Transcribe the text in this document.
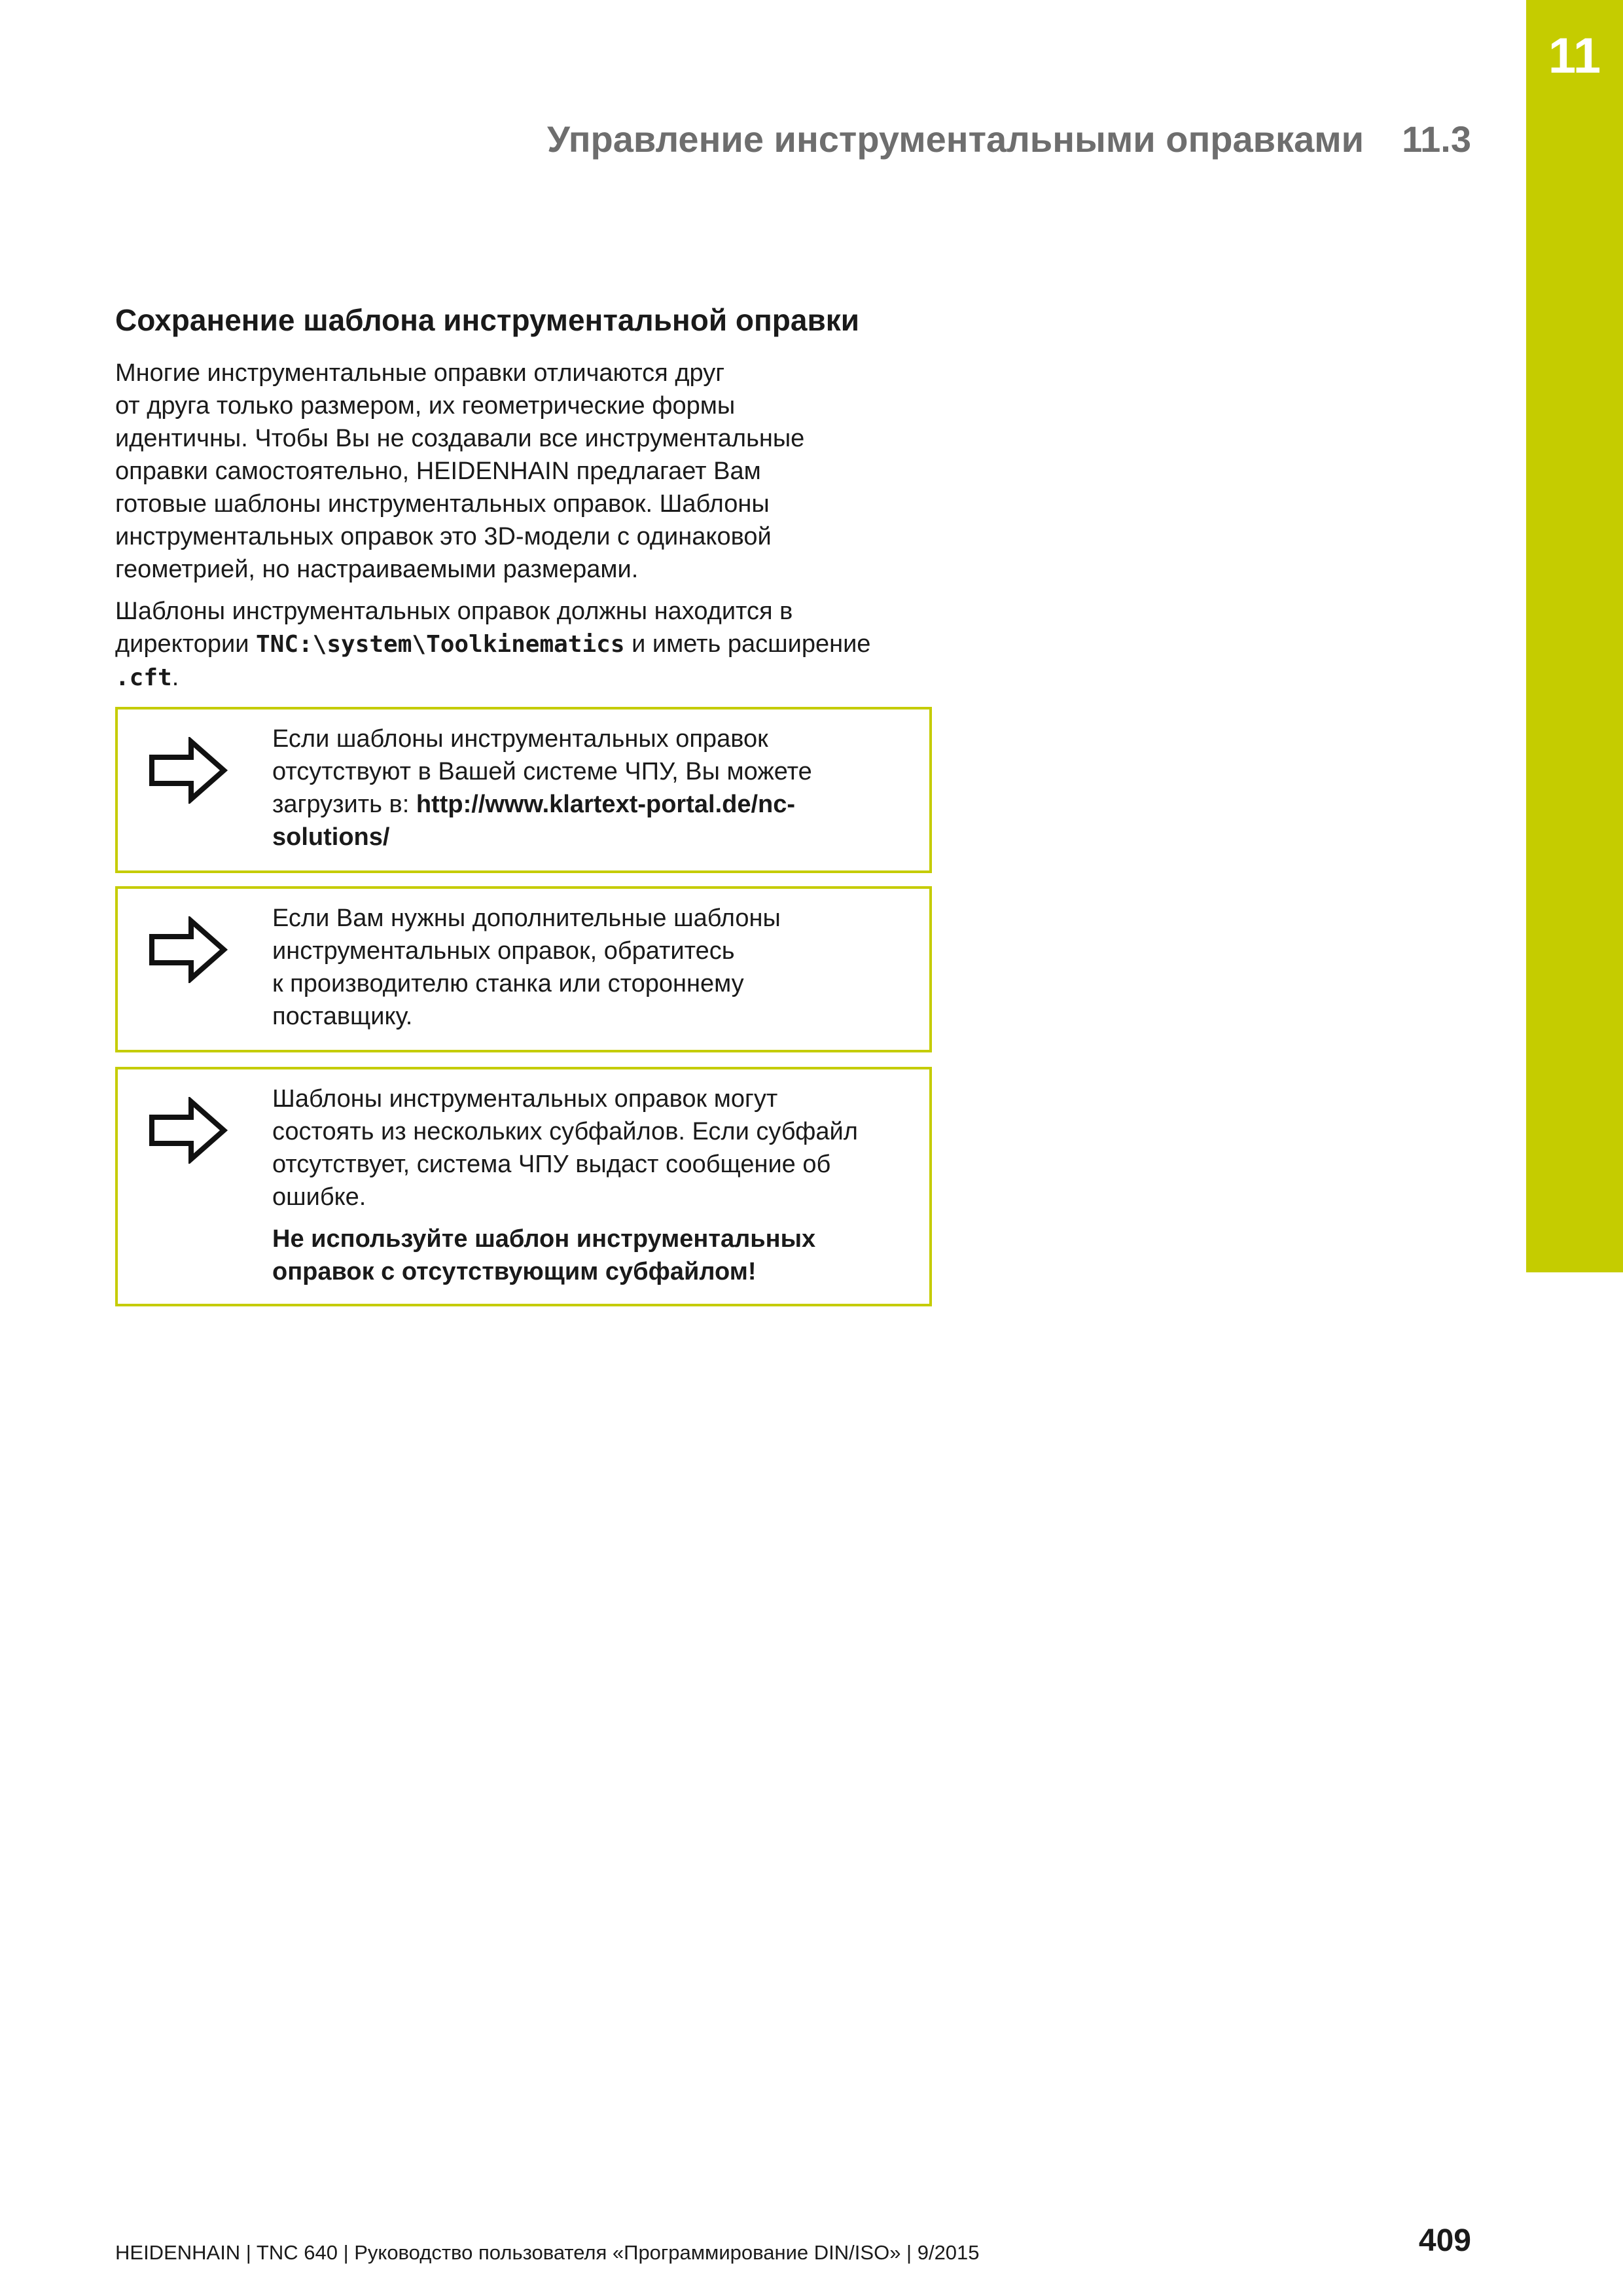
11
Управление инструментальными оправками 11.3
Сохранение шаблона инструментальной оправки

Многие инструментальные оправки отличаются друг
от друга только размером, их геометрические формы
идентичны. Чтобы Вы не создавали все инструментальные
оправки самостоятельно, HEIDENHAIN предлагает Вам
готовые шаблоны инструментальных оправок. Шаблоны
инструментальных оправок это 3D-модели с одинаковой
геометрией, но настраиваемыми размерами.

Шаблоны инструментальных оправок должны находится в
директории TNC:\system\Toolkinematics и иметь расширение
.cft.

Если шаблоны инструментальных оправок
отсутствуют в Вашей системе ЧПУ, Вы можете
загрузить в: http://www.klartext-portal.de/nc-
solutions/

Если Вам нужны дополнительные шаблоны
инструментальных оправок, обратитесь
к производителю станка или стороннему
поставщику.

Шаблоны инструментальных оправок могут
состоять из нескольких субфайлов. Если субфайл
отсутствует, система ЧПУ выдаст сообщение об
ошибке.

Не используйте шаблон инструментальных
оправок с отсутствующим субфайлом!

HEIDENHAIN | TNC 640 | Руководство пользователя «Программирование DIN/ISO» | 9/2015	409
